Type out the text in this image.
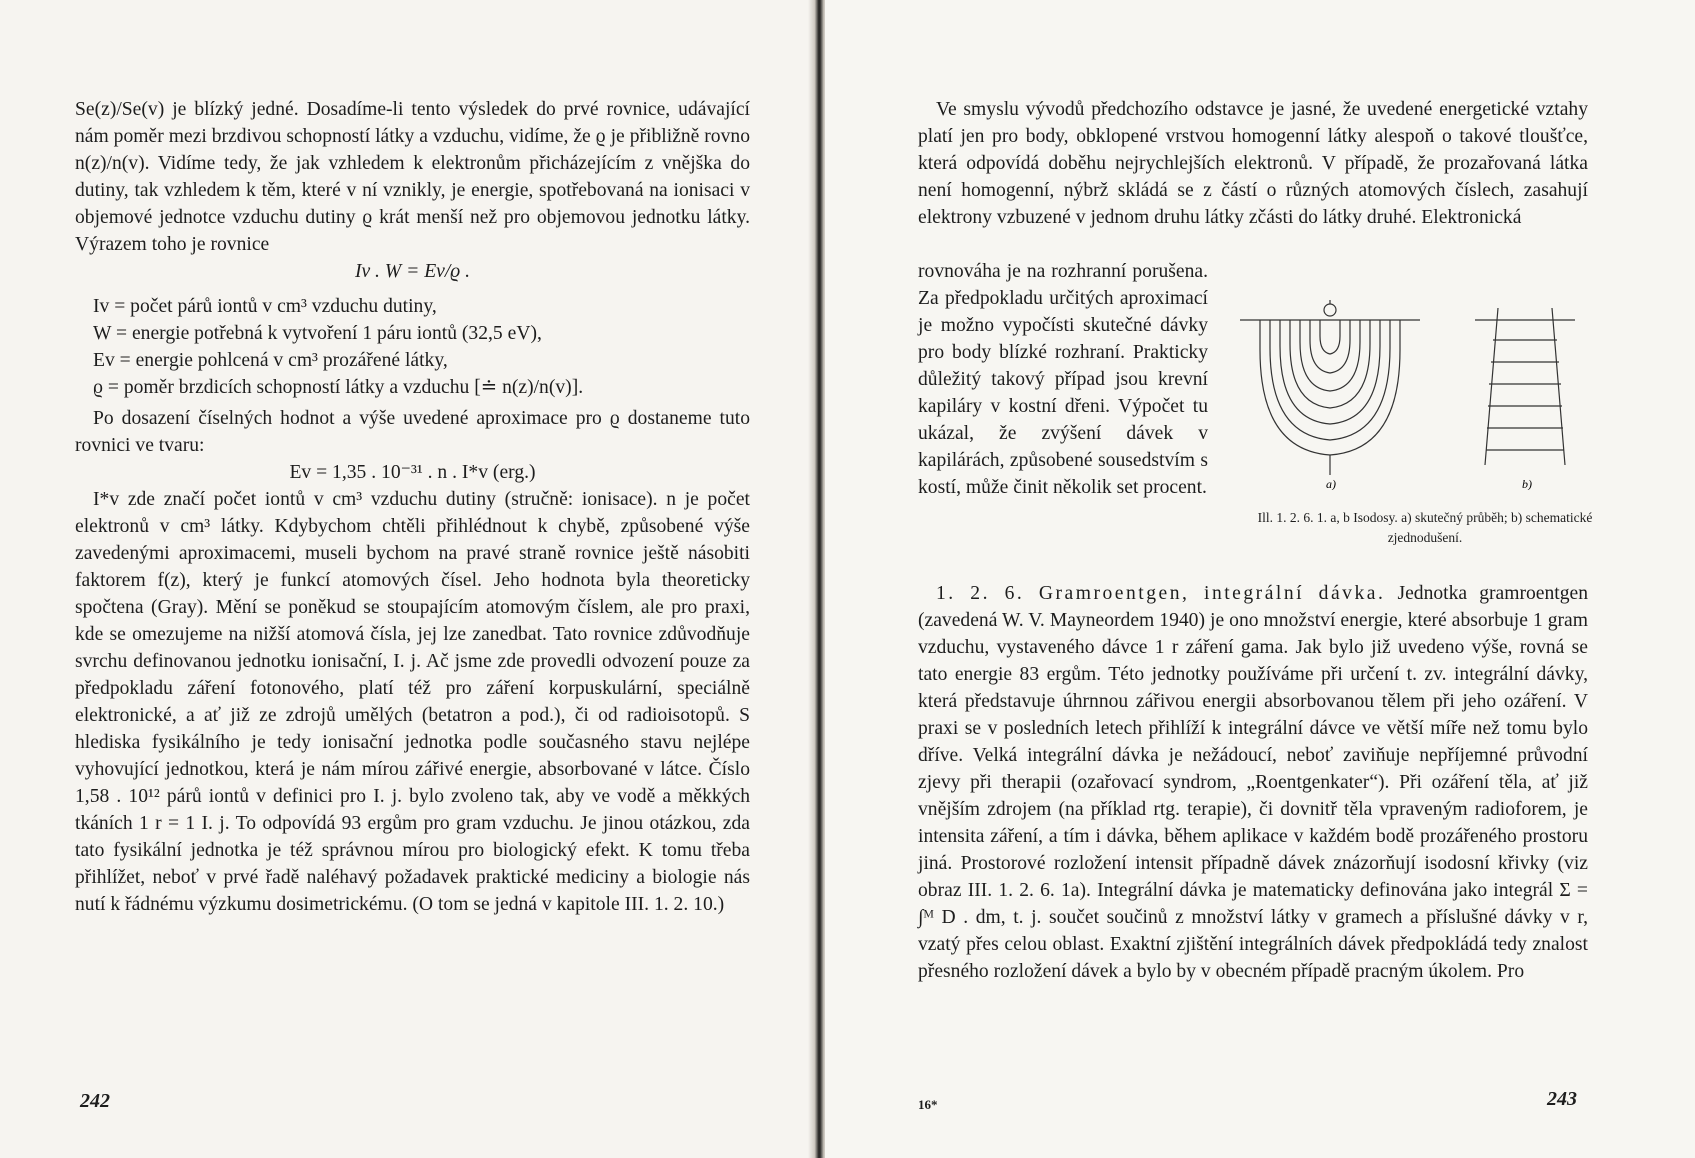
Se(z)/Se(v) je blízký jedné. Dosadíme-li tento výsledek do prvé rovnice, udávající nám poměr mezi brzdivou schopností látky a vzduchu, vidíme, že ϱ je přibližně rovno n(z)/n(v). Vidíme tedy, že jak vzhledem k elektronům přicházejícím z vnějška do dutiny, tak vzhledem k těm, které v ní vznikly, je energie, spotřebovaná na ionisaci v objemové jednotce vzduchu dutiny ϱ krát menší než pro objemovou jednotku látky. Výrazem toho je rovnice

Iv . W = Ev/ϱ .

Iv = počet párů iontů v cm³ vzduchu dutiny,
W = energie potřebná k vytvoření 1 páru iontů (32,5 eV),
Ev = energie pohlcená v cm³ prozářené látky,
ϱ = poměr brzdicích schopností látky a vzduchu [≐ n(z)/n(v)].

Po dosazení číselných hodnot a výše uvedené aproximace pro ϱ dostaneme tuto rovnici ve tvaru:

Ev = 1,35 . 10⁻³¹ . n . I*v (erg.)

I*v zde značí počet iontů v cm³ vzduchu dutiny (stručně: ionisace). n je počet elektronů v cm³ látky. Kdybychom chtěli přihlédnout k chybě, způsobené výše zavedenými aproximacemi, museli bychom na pravé straně rovnice ještě násobiti faktorem f(z), který je funkcí atomových čísel. Jeho hodnota byla theoreticky spočtena (Gray). Mění se poněkud se stoupajícím atomovým číslem, ale pro praxi, kde se omezujeme na nižší atomová čísla, jej lze zanedbat. Tato rovnice zdůvodňuje svrchu definovanou jednotku ionisační, I. j. Ač jsme zde provedli odvození pouze za předpokladu záření fotonového, platí též pro záření korpuskulární, speciálně elektronické, a ať již ze zdrojů umělých (betatron a pod.), či od radioisotopů. S hlediska fysikálního je tedy ionisační jednotka podle současného stavu nejlépe vyhovující jednotkou, která je nám mírou zářivé energie, absorbované v látce. Číslo 1,58 . 10¹² párů iontů v definici pro I. j. bylo zvoleno tak, aby ve vodě a měkkých tkáních 1 r = 1 I. j. To odpovídá 93 ergům pro gram vzduchu. Je jinou otázkou, zda tato fysikální jednotka je též správnou mírou pro biologický efekt. K tomu třeba přihlížet, neboť v prvé řadě naléhavý požadavek praktické mediciny a biologie nás nutí k řádnému výzkumu dosimetrickému. (O tom se jedná v kapitole III. 1. 2. 10.)

242

Ve smyslu vývodů předchozího odstavce je jasné, že uvedené energetické vztahy platí jen pro body, obklopené vrstvou homogenní látky alespoň o takové tloušťce, která odpovídá doběhu nejrychlejších elektronů. V případě, že prozařovaná látka není homogenní, nýbrž skládá se z částí o různých atomových číslech, zasahují elektrony vzbuzené v jednom druhu látky zčásti do látky druhé. Elektronická

rovnováha je na rozhranní porušena. Za předpokladu určitých aproximací je možno vypočísti skutečné dávky pro body blízké rozhraní. Prakticky důležitý takový případ jsou krevní kapiláry v kostní dřeni. Výpočet tu ukázal, že zvýšení dávek v kapilárách, způsobené sousedstvím s kostí, může činit několik set procent.	a)	b)
Ill. 1. 2. 6. 1. a, b Isodosy. a) skutečný průběh; b) schematické zjednodušení.

1. 2. 6. Gramroentgen, integrální dávka. Jednotka gramroentgen (zavedená W. V. Mayneordem 1940) je ono množství energie, které absorbuje 1 gram vzduchu, vystaveného dávce 1 r záření gama. Jak bylo již uvedeno výše, rovná se tato energie 83 ergům. Této jednotky používáme při určení t. zv. integrální dávky, která představuje úhrnnou zářivou energii absorbovanou tělem při jeho ozáření. V praxi se v posledních letech přihlíží k integrální dávce ve větší míře než tomu bylo dříve. Velká integrální dávka je nežádoucí, neboť zaviňuje nepříjemné průvodní zjevy při therapii (ozařovací syndrom, „Roentgenkater“). Při ozáření těla, ať již vnějším zdrojem (na příklad rtg. terapie), či dovnitř těla vpraveným radioforem, je intensita záření, a tím i dávka, během aplikace v každém bodě prozářeného prostoru jiná. Prostorové rozložení intensit případně dávek znázorňují isodosní křivky (viz obraz III. 1. 2. 6. 1a). Integrální dávka je matematicky definována jako integrál Σ = ∫ᴹ D . dm, t. j. součet součinů z množství látky v gramech a příslušné dávky v r, vzatý přes celou oblast. Exaktní zjištění integrálních dávek předpokládá tedy znalost přesného rozložení dávek a bylo by v obecném případě pracným úkolem. Pro

16*	243
